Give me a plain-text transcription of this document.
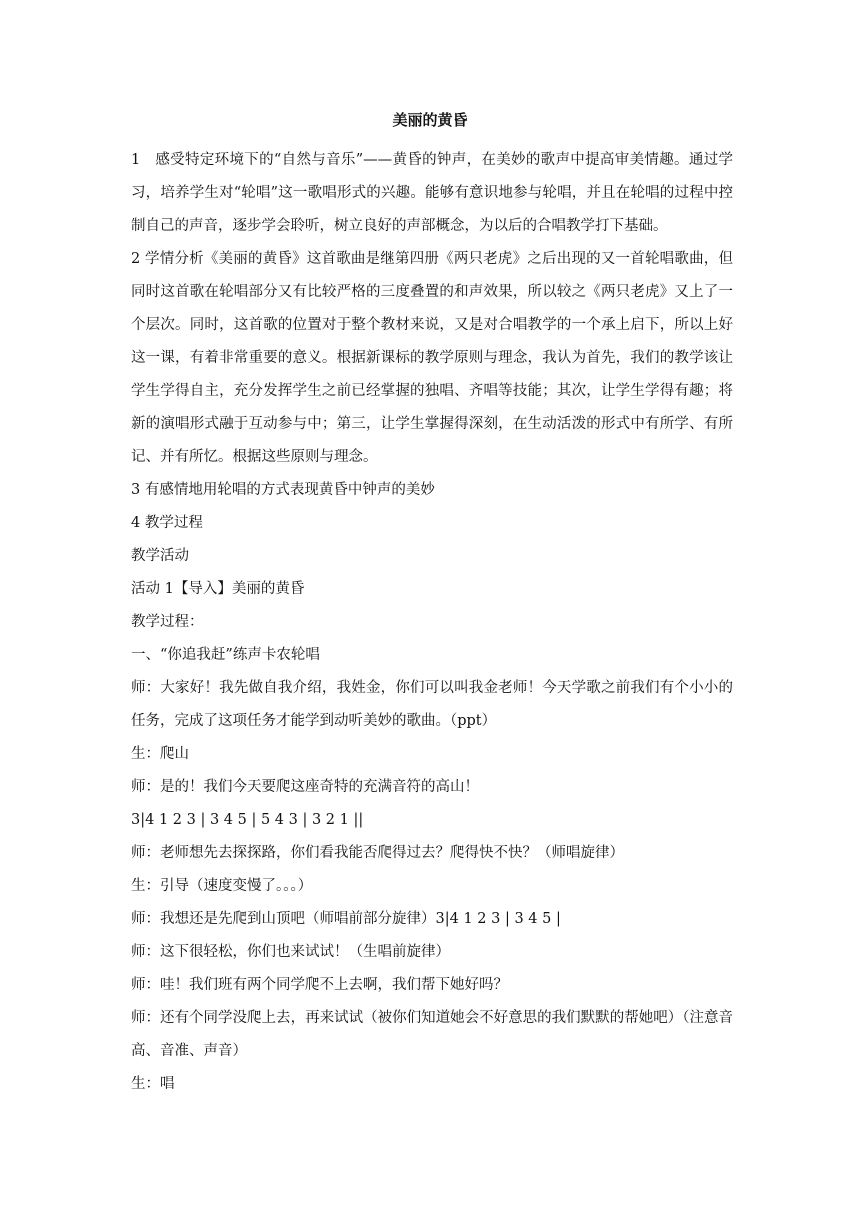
美丽的黄昏

1　感受特定环境下的“自然与音乐”——黄昏的钟声，在美妙的歌声中提高审美情趣。通过学习，培养学生对“轮唱”这一歌唱形式的兴趣。能够有意识地参与轮唱，并且在轮唱的过程中控制自己的声音，逐步学会聆听，树立良好的声部概念，为以后的合唱教学打下基础。

2 学情分析《美丽的黄昏》这首歌曲是继第四册《两只老虎》之后出现的又一首轮唱歌曲，但同时这首歌在轮唱部分又有比较严格的三度叠置的和声效果，所以较之《两只老虎》又上了一个层次。同时，这首歌的位置对于整个教材来说，又是对合唱教学的一个承上启下，所以上好这一课，有着非常重要的意义。根据新课标的教学原则与理念，我认为首先，我们的教学该让学生学得自主，充分发挥学生之前已经掌握的独唱、齐唱等技能；其次，让学生学得有趣；将新的演唱形式融于互动参与中；第三，让学生掌握得深刻，在生动活泼的形式中有所学、有所记、并有所忆。根据这些原则与理念。

3 有感情地用轮唱的方式表现黄昏中钟声的美妙

4 教学过程

教学活动

活动 1【导入】美丽的黄昏

教学过程：

一、“你追我赶”练声卡农轮唱

师：大家好！我先做自我介绍，我姓金，你们可以叫我金老师！今天学歌之前我们有个小小的任务，完成了这项任务才能学到动听美妙的歌曲。（ppt）

生：爬山

师：是的！我们今天要爬这座奇特的充满音符的高山！

3|4 1 2 3 | 3 4 5 | 5 4 3 | 3 2 1 ||

师：老师想先去探探路，你们看我能否爬得过去？爬得快不快？（师唱旋律）

生：引导（速度变慢了。。。）

师：我想还是先爬到山顶吧（师唱前部分旋律）3|4 1 2 3 | 3 4 5 |

师：这下很轻松，你们也来试试！（生唱前旋律）

师：哇！我们班有两个同学爬不上去啊，我们帮下她好吗？

师：还有个同学没爬上去，再来试试（被你们知道她会不好意思的我们默默的帮她吧）（注意音高、音准、声音）

生：唱
